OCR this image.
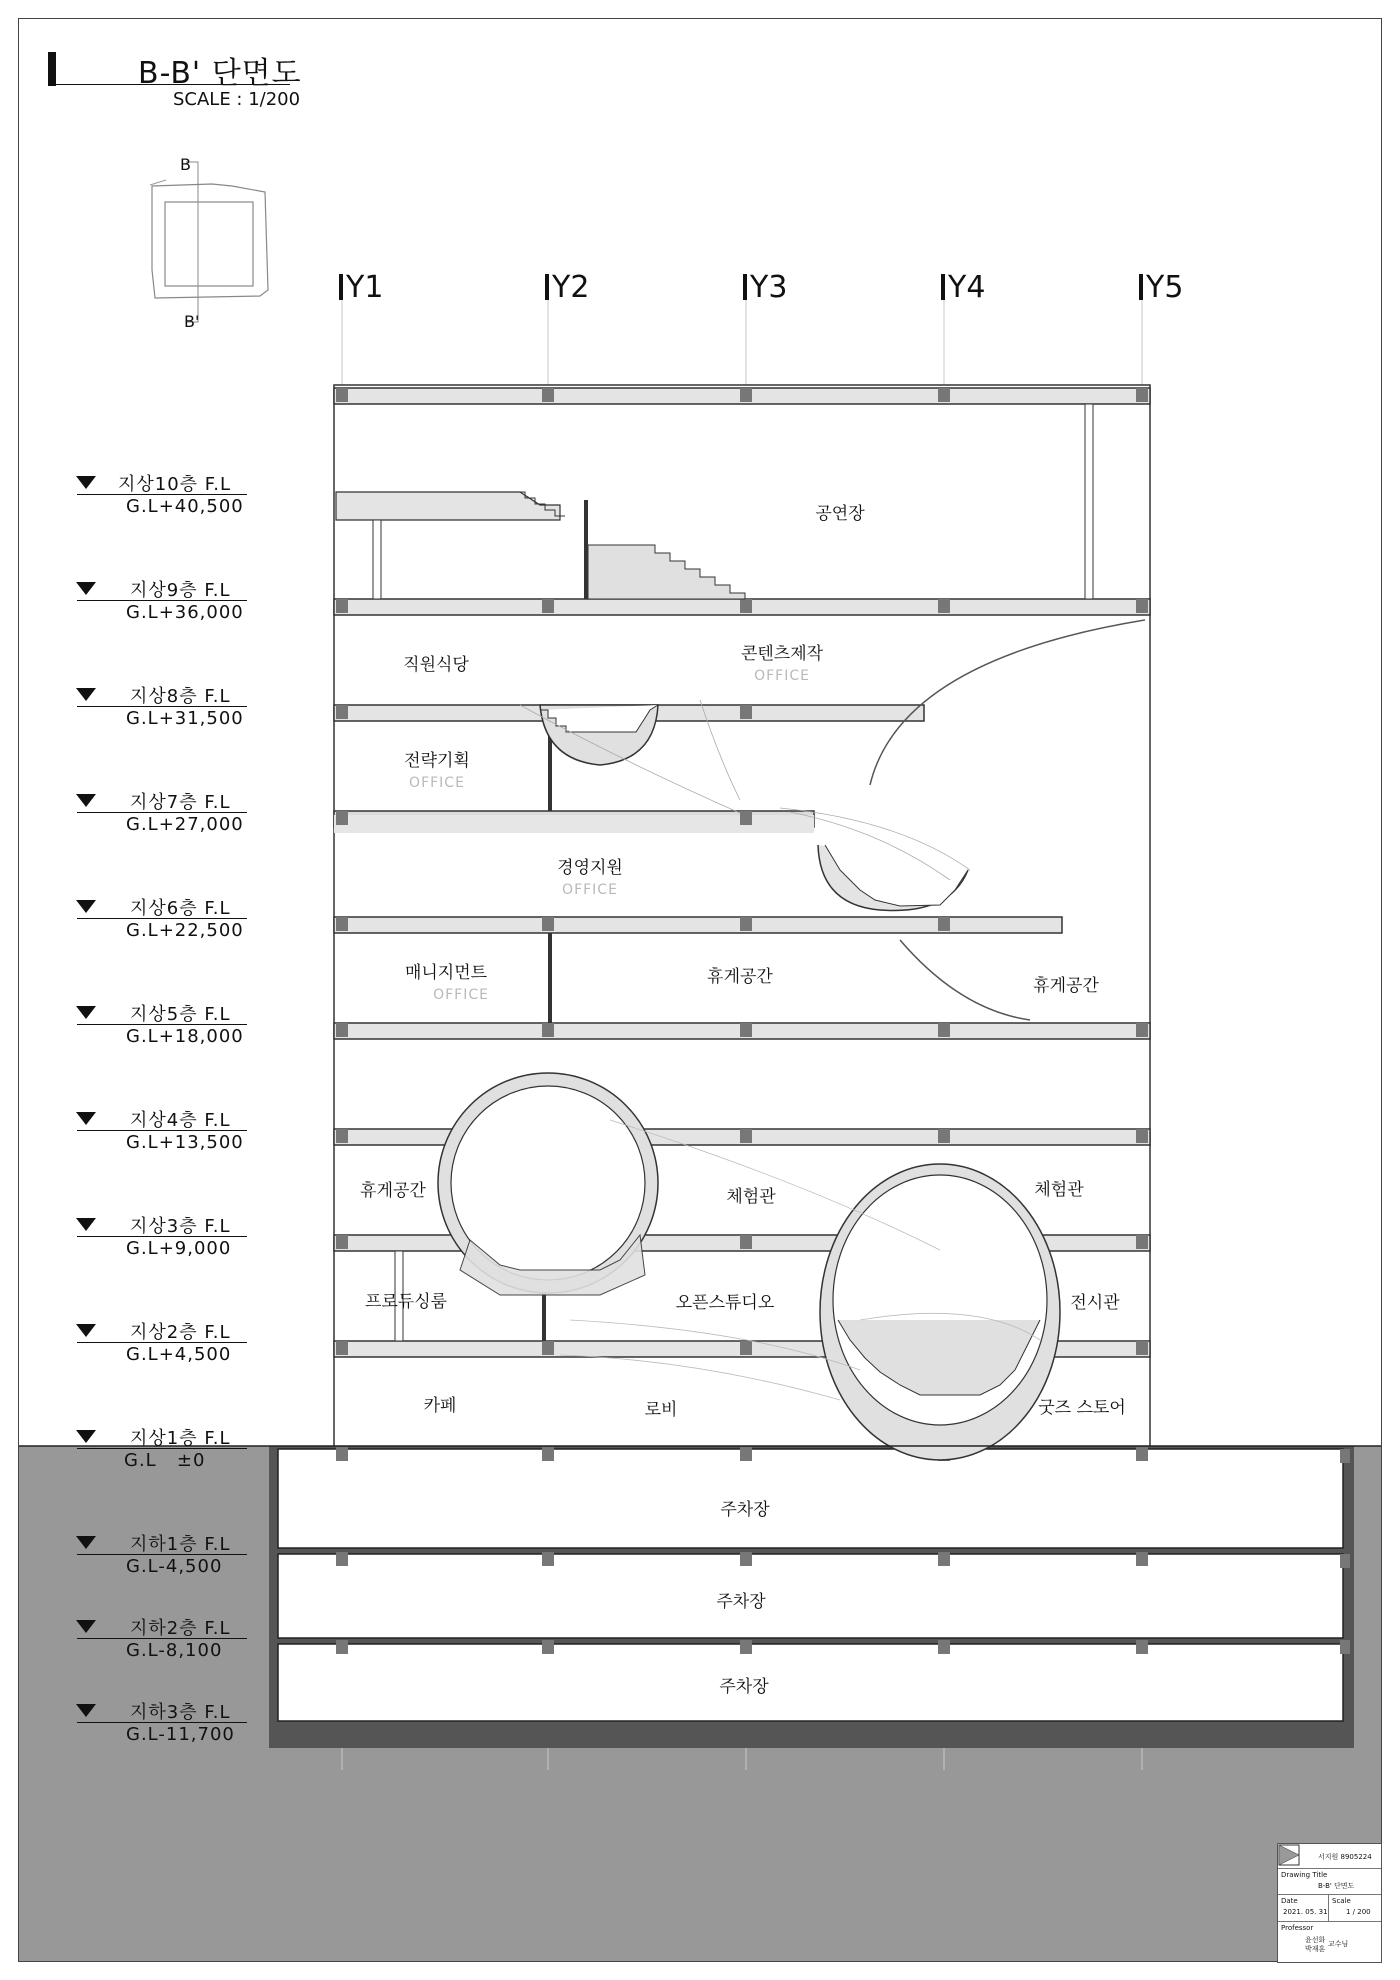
B-B' 단면도
SCALE : 1/200
B
B'
Y1	Y2	Y3	Y4	Y5
지상10층 F.L
G.L+40,500
지상9층 F.L
G.L+36,000
지상8층 F.L
G.L+31,500
지상7층 F.L
G.L+27,000
지상6층 F.L
G.L+22,500
지상5층 F.L
G.L+18,000
지상4층 F.L
G.L+13,500
지상3층 F.L
G.L+9,000
지상2층 F.L
G.L+4,500
지상1층 F.L
G.L   ±0
지하1층 F.L
G.L-4,500
지하2층 F.L
G.L-8,100
지하3층 F.L
G.L-11,700
공연장
직원식당
콘텐츠제작
OFFICE
전략기획
OFFICE
경영지원
OFFICE
매니지먼트
OFFICE
휴게공간	휴게공간
휴게공간	체험관	체험관
프로듀싱룸	오픈스튜디오	전시관
카페	로비	굿즈 스토어
주차장
주차장
주차장
서지원 8905224
Drawing Title
B-B' 단면도
Date
2021. 05. 31
Scale
1 / 200
Professor
윤선화
박재훈
교수님
